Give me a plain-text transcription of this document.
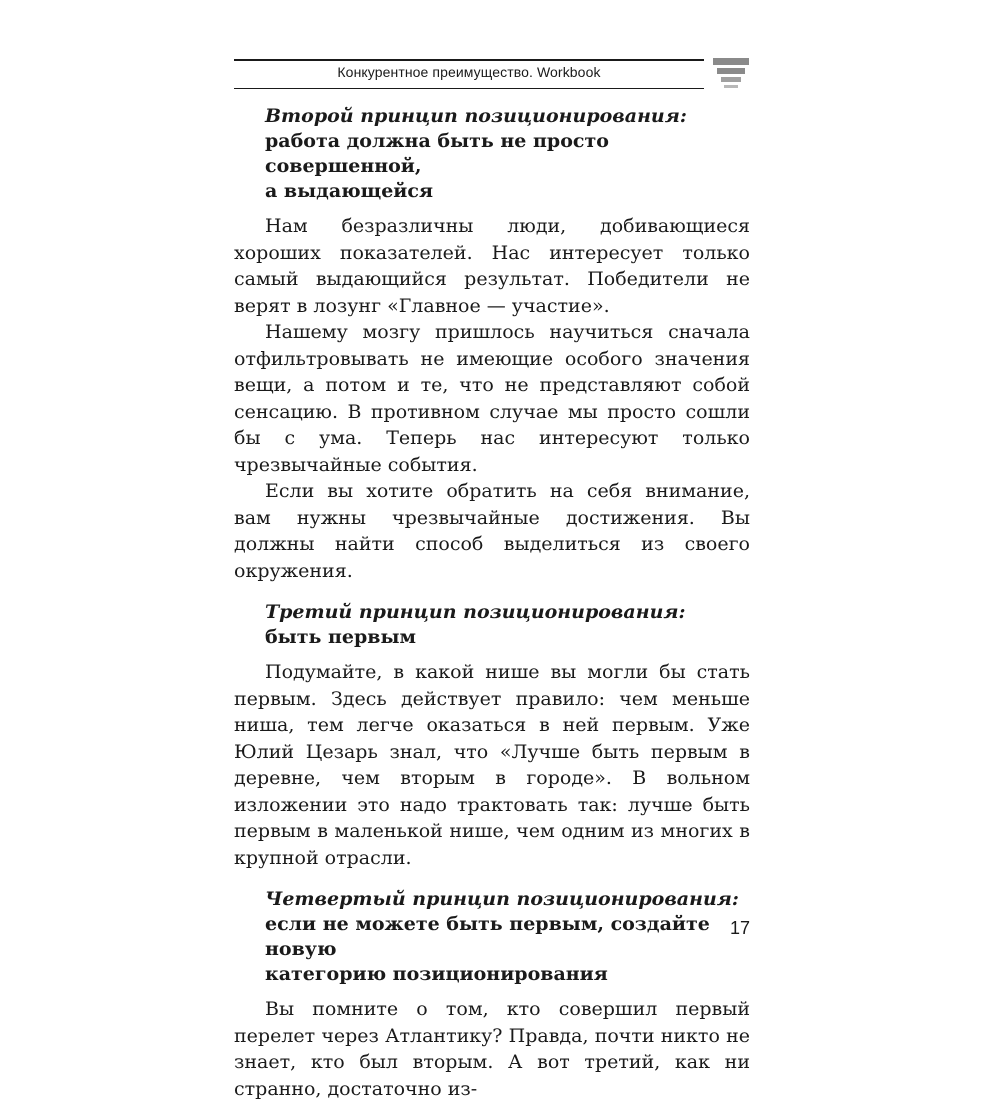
Конкурентное преимущество. Workbook
Второй принцип позиционирования:
работа должна быть не просто совершенной,
а выдающейся

Нам безразличны люди, добивающиеся хороших показателей. Нас интересует только самый выдающийся результат. Победители не верят в лозунг «Главное — участие».

Нашему мозгу пришлось научиться сначала отфильтровывать не имеющие особого значения вещи, а потом и те, что не представляют собой сенсацию. В противном случае мы просто сошли бы с ума. Теперь нас интересуют только чрезвычайные события.

Если вы хотите обратить на себя внимание, вам нужны чрезвычайные достижения. Вы должны найти способ выделиться из своего окружения.

Третий принцип позиционирования:
быть первым

Подумайте, в какой нише вы могли бы стать первым. Здесь действует правило: чем меньше ниша, тем легче оказаться в ней первым. Уже Юлий Цезарь знал, что «Лучше быть первым в деревне, чем вторым в городе». В вольном изложении это надо трактовать так: лучше быть первым в маленькой нише, чем одним из многих в крупной отрасли.

Четвертый принцип позиционирования:
если не можете быть первым, создайте новую
категорию позиционирования

Вы помните о том, кто совершил первый перелет через Атлантику? Правда, почти никто не знает, кто был вторым. А вот третий, как ни странно, достаточно из-

17
